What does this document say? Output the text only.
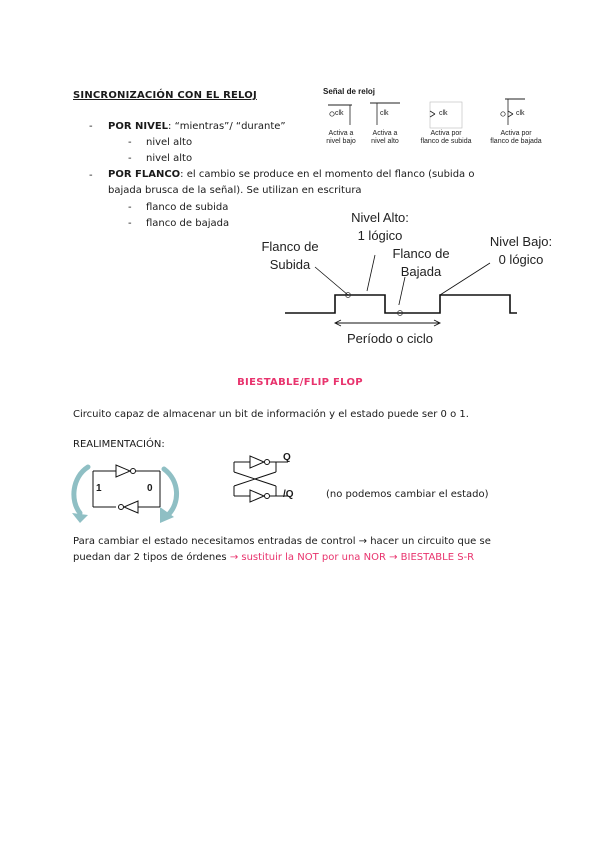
SINCRONIZACIÓN CON EL RELOJ
- POR NIVEL: “mientras”/ “durante”
- nivel alto
- nivel alto
- POR FLANCO: el cambio se produce en el momento del flanco (subida o
bajada brusca de la señal). Se utilizan en escritura
- flanco de subida
- flanco de bajada
Señal de reloj
clk	clk	clk	clk
Activa a
nivel bajo
Activa a
nivel alto
Activa por
flanco de subida
Activa por
flanco de bajada
Flanco de
Subida
Nivel Alto:
1 lógico
Flanco de
Bajada
Nivel Bajo:
0 lógico
Período o ciclo
BIESTABLE/FLIP FLOP
Circuito capaz de almacenar un bit de información y el estado puede ser 0 o 1.
REALIMENTACIÓN:
1	0
Q
/Q	(no podemos cambiar el estado)
Para cambiar el estado necesitamos entradas de control → hacer un circuito que se
puedan dar 2 tipos de órdenes → sustituir la NOT por una NOR → BIESTABLE S-R
